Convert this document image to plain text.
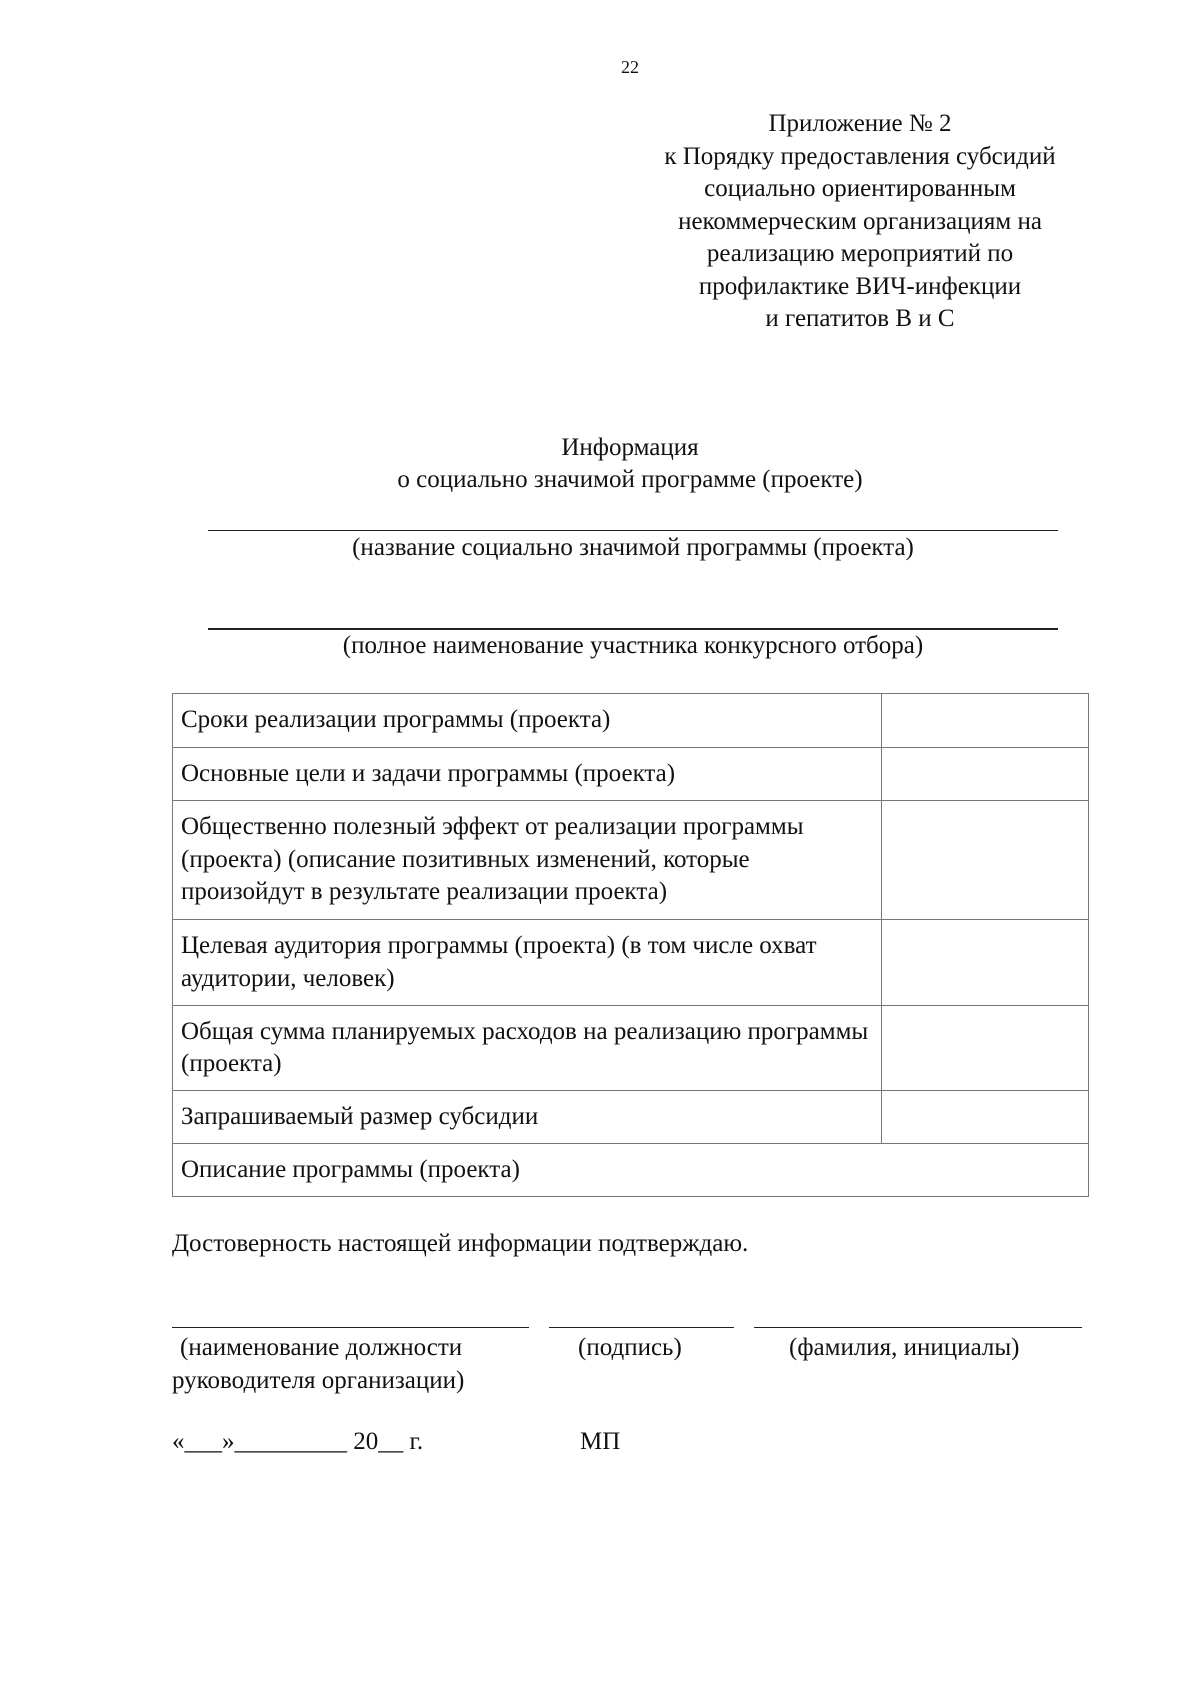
22
Приложение № 2
к Порядку предоставления субсидий
социально ориентированным
некоммерческим организациям на
реализацию мероприятий по
профилактике ВИЧ-инфекции
и гепатитов В и С
Информация
о социально значимой программе (проекте)
(название социально значимой программы (проекта)
(полное наименование участника конкурсного отбора)
Сроки реализации программы (проекта)	
Основные цели и задачи программы (проекта)	
Общественно полезный эффект от реализации программы (проекта) (описание позитивных изменений, которые произойдут в результате реализации проекта)	
Целевая аудитория программы (проекта) (в том числе охват аудитории, человек)	
Общая сумма планируемых расходов на реализацию программы (проекта)	
Запрашиваемый размер субсидии	
Описание программы (проекта)	
Достоверность настоящей информации подтверждаю.
(наименование должности
руководителя организации)
(подпись)	(фамилия, инициалы)
«___»_________ 20__ г.	МП
